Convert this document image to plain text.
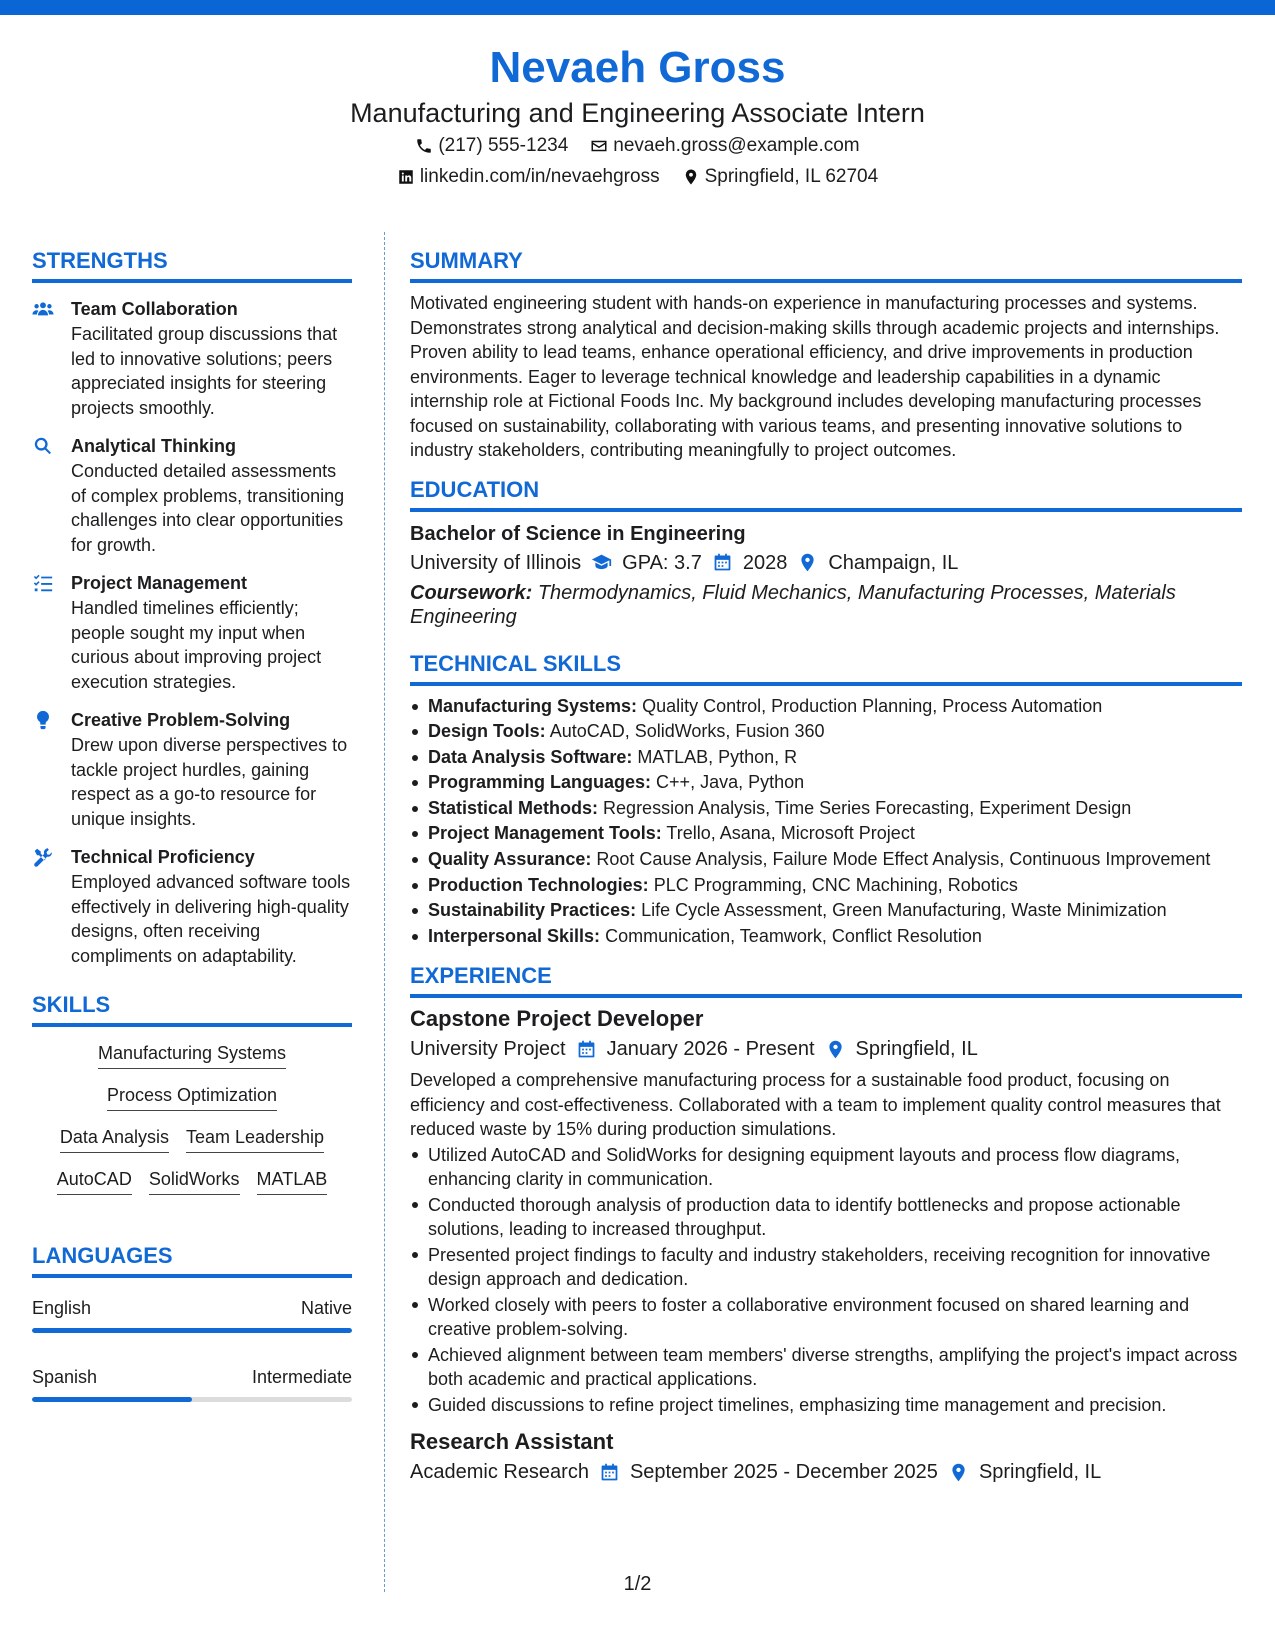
Nevaeh Gross
Manufacturing and Engineering Associate Intern
(217) 555-1234 nevaeh.gross@example.com
linkedin.com/in/nevaehgross Springfield, IL 62704
STRENGTHS
Team Collaboration
Facilitated group discussions that led to innovative solutions; peers appreciated insights for steering projects smoothly.
Analytical Thinking
Conducted detailed assessments of complex problems, transitioning challenges into clear opportunities for growth.
Project Management
Handled timelines efficiently; people sought my input when curious about improving project execution strategies.
Creative Problem-Solving
Drew upon diverse perspectives to tackle project hurdles, gaining respect as a go-to resource for unique insights.
Technical Proficiency
Employed advanced software tools effectively in delivering high-quality designs, often receiving compliments on adaptability.
SKILLS
Manufacturing Systems
Process Optimization
Data Analysis Team Leadership
AutoCAD SolidWorks MATLAB
LANGUAGES
English	Native
Spanish	Intermediate
SUMMARY
Motivated engineering student with hands-on experience in manufacturing processes and systems. Demonstrates strong analytical and decision-making skills through academic projects and internships. Proven ability to lead teams, enhance operational efficiency, and drive improvements in production environments. Eager to leverage technical knowledge and leadership capabilities in a dynamic internship role at Fictional Foods Inc. My background includes developing manufacturing processes focused on sustainability, collaborating with various teams, and presenting innovative solutions to industry stakeholders, contributing meaningfully to project outcomes.
EDUCATION
Bachelor of Science in Engineering
University of Illinois GPA: 3.7 2028 Champaign, IL
Coursework: Thermodynamics, Fluid Mechanics, Manufacturing Processes, Materials Engineering
TECHNICAL SKILLS
Manufacturing Systems: Quality Control, Production Planning, Process Automation
Design Tools: AutoCAD, SolidWorks, Fusion 360
Data Analysis Software: MATLAB, Python, R
Programming Languages: C++, Java, Python
Statistical Methods: Regression Analysis, Time Series Forecasting, Experiment Design
Project Management Tools: Trello, Asana, Microsoft Project
Quality Assurance: Root Cause Analysis, Failure Mode Effect Analysis, Continuous Improvement
Production Technologies: PLC Programming, CNC Machining, Robotics
Sustainability Practices: Life Cycle Assessment, Green Manufacturing, Waste Minimization
Interpersonal Skills: Communication, Teamwork, Conflict Resolution
EXPERIENCE
Capstone Project Developer
University Project January 2026 - Present Springfield, IL
Developed a comprehensive manufacturing process for a sustainable food product, focusing on efficiency and cost-effectiveness. Collaborated with a team to implement quality control measures that reduced waste by 15% during production simulations.
Utilized AutoCAD and SolidWorks for designing equipment layouts and process flow diagrams, enhancing clarity in communication.
Conducted thorough analysis of production data to identify bottlenecks and propose actionable solutions, leading to increased throughput.
Presented project findings to faculty and industry stakeholders, receiving recognition for innovative design approach and dedication.
Worked closely with peers to foster a collaborative environment focused on shared learning and creative problem-solving.
Achieved alignment between team members' diverse strengths, amplifying the project's impact across both academic and practical applications.
Guided discussions to refine project timelines, emphasizing time management and precision.
Research Assistant
Academic Research September 2025 - December 2025 Springfield, IL
1/2
